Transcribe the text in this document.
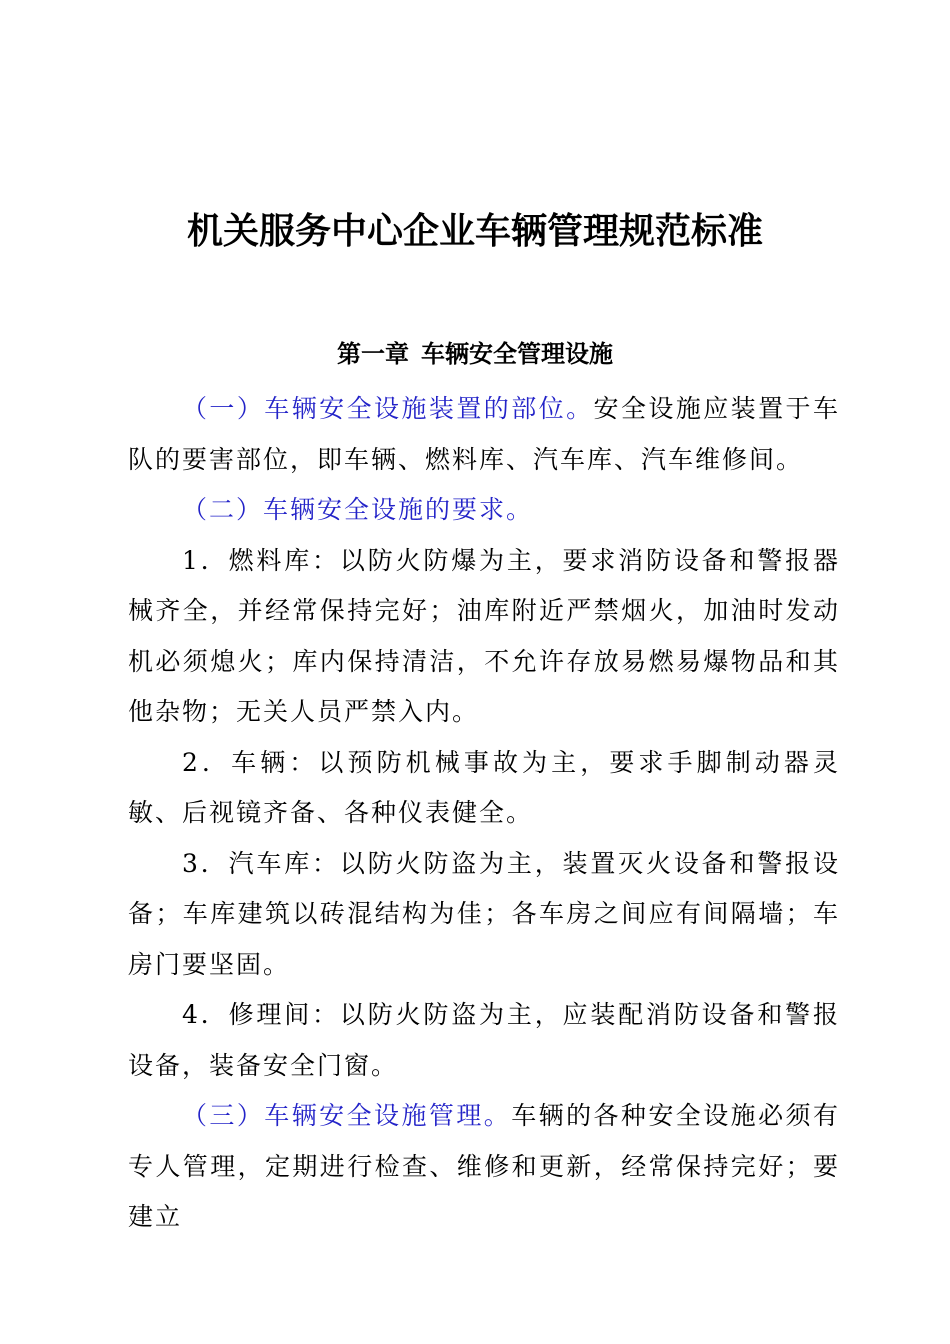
机关服务中心企业车辆管理规范标准
第一章 车辆安全管理设施

（一）车辆安全设施装置的部位。安全设施应装置于车队的要害部位，即车辆、燃料库、汽车库、汽车维修间。

（二）车辆安全设施的要求。

1．燃料库：以防火防爆为主，要求消防设备和警报器械齐全，并经常保持完好；油库附近严禁烟火，加油时发动机必须熄火；库内保持清洁，不允许存放易燃易爆物品和其他杂物；无关人员严禁入内。

2．车辆：以预防机械事故为主，要求手脚制动器灵敏、后视镜齐备、各种仪表健全。

3．汽车库：以防火防盗为主，装置灭火设备和警报设备；车库建筑以砖混结构为佳；各车房之间应有间隔墙；车房门要坚固。

4．修理间：以防火防盗为主，应装配消防设备和警报设备，装备安全门窗。

（三）车辆安全设施管理。车辆的各种安全设施必须有专人管理，定期进行检查、维修和更新，经常保持完好；要建立
